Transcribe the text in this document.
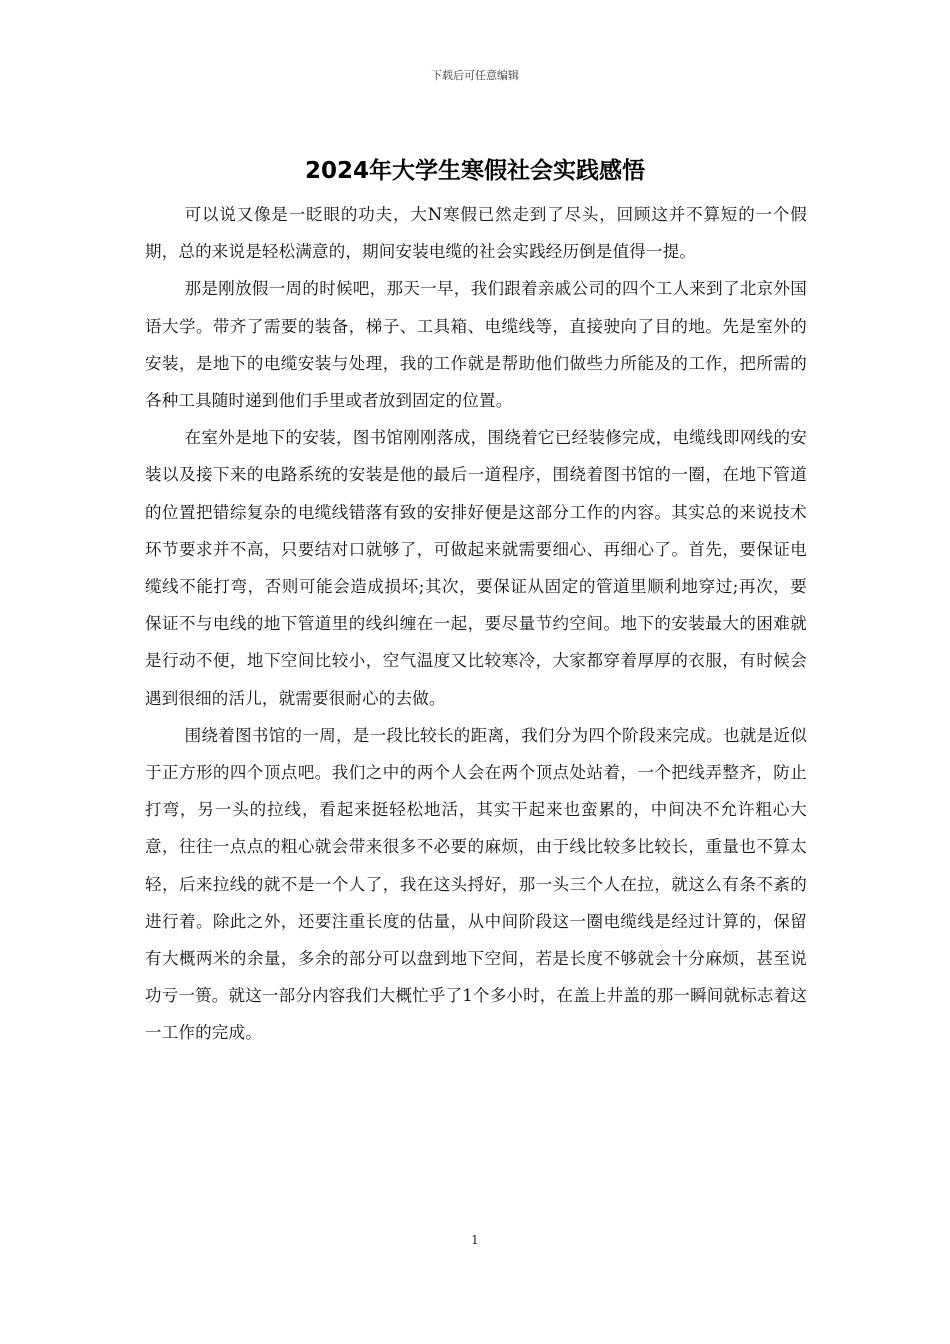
下载后可任意编辑
2024年大学生寒假社会实践感悟

可以说又像是一眨眼的功夫，大N寒假已然走到了尽头，回顾这并不算短的一个假期，总的来说是轻松满意的，期间安装电缆的社会实践经历倒是值得一提。

那是刚放假一周的时候吧，那天一早，我们跟着亲戚公司的四个工人来到了北京外国语大学。带齐了需要的装备，梯子、工具箱、电缆线等，直接驶向了目的地。先是室外的安装，是地下的电缆安装与处理，我的工作就是帮助他们做些力所能及的工作，把所需的各种工具随时递到他们手里或者放到固定的位置。

在室外是地下的安装，图书馆刚刚落成，围绕着它已经装修完成，电缆线即网线的安装以及接下来的电路系统的安装是他的最后一道程序，围绕着图书馆的一圈，在地下管道的位置把错综复杂的电缆线错落有致的安排好便是这部分工作的内容。其实总的来说技术环节要求并不高，只要结对口就够了，可做起来就需要细心、再细心了。首先，要保证电缆线不能打弯，否则可能会造成损坏;其次，要保证从固定的管道里顺利地穿过;再次，要保证不与电线的地下管道里的线纠缠在一起，要尽量节约空间。地下的安装最大的困难就是行动不便，地下空间比较小，空气温度又比较寒冷，大家都穿着厚厚的衣服，有时候会遇到很细的活儿，就需要很耐心的去做。

围绕着图书馆的一周，是一段比较长的距离，我们分为四个阶段来完成。也就是近似于正方形的四个顶点吧。我们之中的两个人会在两个顶点处站着，一个把线弄整齐，防止打弯，另一头的拉线，看起来挺轻松地活，其实干起来也蛮累的，中间决不允许粗心大意，往往一点点的粗心就会带来很多不必要的麻烦，由于线比较多比较长，重量也不算太轻，后来拉线的就不是一个人了，我在这头捋好，那一头三个人在拉，就这么有条不紊的进行着。除此之外，还要注重长度的估量，从中间阶段这一圈电缆线是经过计算的，保留有大概两米的余量，多余的部分可以盘到地下空间，若是长度不够就会十分麻烦，甚至说功亏一篑。就这一部分内容我们大概忙乎了1个多小时，在盖上井盖的那一瞬间就标志着这一工作的完成。

1
